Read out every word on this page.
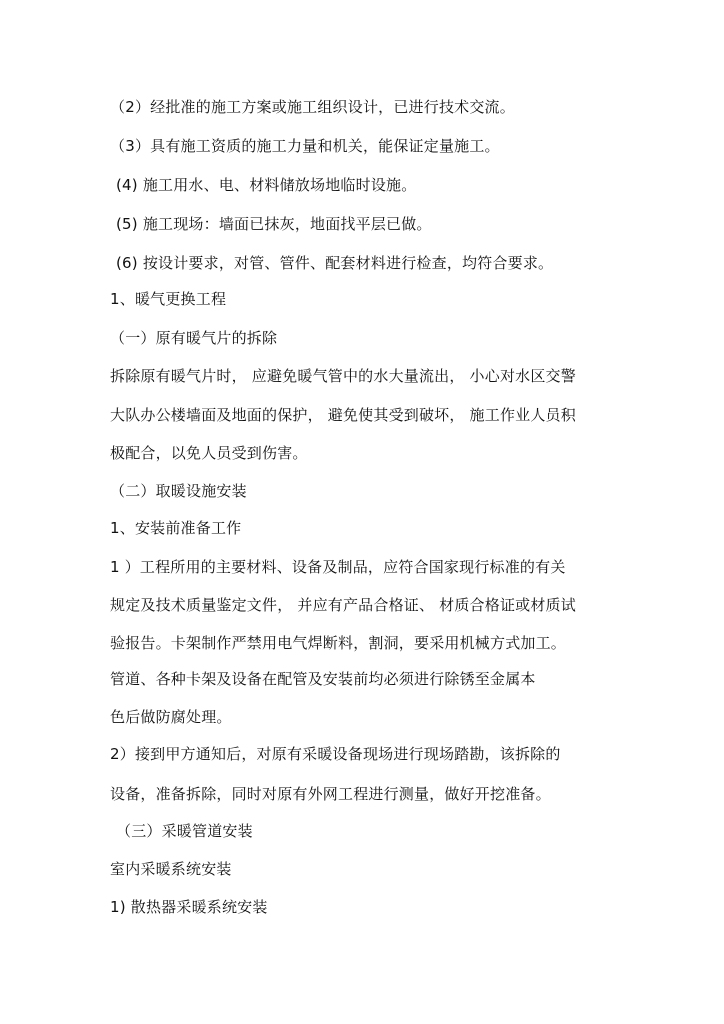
（2）经批准的施工方案或施工组织设计，已进行技术交流。
（3）具有施工资质的施工力量和机关，能保证定量施工。
(4) 施工用水、电、材料储放场地临时设施。
(5) 施工现场：墙面已抹灰，地面找平层已做。
(6) 按设计要求，对管、管件、配套材料进行检查，均符合要求。
1、暖气更换工程
（一）原有暖气片的拆除
拆除原有暖气片时， 应避免暖气管中的水大量流出， 小心对水区交警
大队办公楼墙面及地面的保护， 避免使其受到破坏， 施工作业人员积
极配合，以免人员受到伤害。
（二）取暖设施安装
1、安装前准备工作
1 ）工程所用的主要材料、设备及制品，应符合国家现行标准的有关
规定及技术质量鉴定文件， 并应有产品合格证、 材质合格证或材质试
验报告。卡架制作严禁用电气焊断料，割洞，要采用机械方式加工。
管道、各种卡架及设备在配管及安装前均必须进行除锈至金属本
色后做防腐处理。
2）接到甲方通知后，对原有采暖设备现场进行现场踏勘，该拆除的
设备，准备拆除，同时对原有外网工程进行测量，做好开挖准备。
（三）采暖管道安装
室内采暖系统安装
1) 散热器采暖系统安装
